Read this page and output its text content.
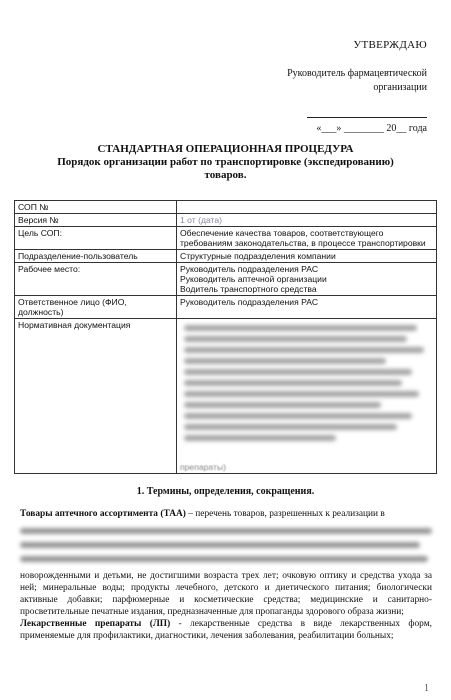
УТВЕРЖДАЮ
Руководитель фармацевтической
организации
«___» ________ 20__ года
СТАНДАРТНАЯ ОПЕРАЦИОННАЯ ПРОЦЕДУРА
Порядок организации работ по транспортировке (экспедированию)
товаров.
СОП №	
Версия №	1 от (дата)
Цель СОП:	Обеспечение качества товаров, соответствующего требованиям законодательства, в процессе транспортировки
Подразделение-пользователь	Структурные подразделения компании
Рабочее место:	Руководитель подразделения РАС
Руководитель аптечной организации
Водитель транспортного средства

Ответственное лицо (ФИО, должность)	Руководитель подразделения РАС
Нормативная документация	препараты)
1. Термины, определения, сокращения.

Товары аптечного ассортимента (ТАА) – перечень товаров, разрешенных к реализации в

новорожденными и детьми, не достигшими возраста трех лет; очковую оптику и средства ухода за ней; минеральные воды; продукты лечебного, детского и диетического питания; биологически активные добавки; парфюмерные и косметические средства; медицинские и санитарно-просветительные печатные издания, предназначенные для пропаганды здорового образа жизни;

Лекарственные препараты (ЛП) - лекарственные средства в виде лекарственных форм, применяемые для профилактики, диагностики, лечения заболевания, реабилитации больных;

1
